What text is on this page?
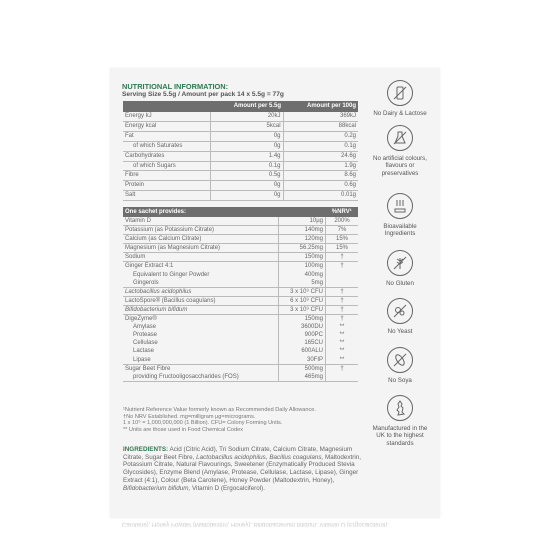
NUTRITIONAL INFORMATION:
Serving Size 5.5g / Amount per pack 14 x 5.5g = 77g
	Amount per 5.5g	Amount per 100g
Energy kJ	20kJ	369kJ
Energy kcal	5kcal	88kcal
Fat	0g	0.2g
of which Saturates	0g	0.1g
Carbohydrates	1.4g	24.6g
of which Sugars	0.1g	1.9g
Fibre	0.5g	8.6g
Protein	0g	0.6g
Salt	0g	0.01g
One sachet provides:		%NRV¹
Vitamin D	10µg	200%
Potassium (as Potassium Citrate)	140mg	7%
Calcium (as Calcium Citrate)	120mg	15%
Magnesium (as Magnesium Citrate)	56.25mg	15%
Sodium	150mg	†
Ginger Extract 4:1	100mg	†
Equivalent to Ginger Powder	400mg	
Gingerols	5mg	
Lactobacillus acidophilus	3 x 10⁹ CFU	†
LactoSpore® (Bacillus coagulans)	6 x 10⁹ CFU	†
Bifidobacterium bifidum	3 x 10⁹ CFU	†
DigeZyme®	150mg	†
Amylase	3600DU	**
Protease	900PC	**
Cellulase	165CU	**
Lactase	600ALU	**
Lipase	30FIP	**
Sugar Beet Fibre	500mg	†
providing Fructooligosaccharides (FOS)	465mg	
¹Nutrient Reference Value formerly known as Recommended Daily Allowance.
†No NRV Established. mg=milligram µg=micrograms.
1 x 10⁹ = 1,000,000,000 (1 Billion). CFU= Colony Forming Units.
** Units are those used in Food Chemical Codex
INGREDIENTS: Acid (Citric Acid), Tri Sodium Citrate, Calcium Citrate, Magnesium Citrate, Sugar Beet Fibre, Lactobacillus acidophilus, Bacillus coagulans, Maltodextrin, Potassium Citrate, Natural Flavourings, Sweetener (Enzymatically Produced Stevia Glycosides), Enzyme Blend (Amylase, Protease, Cellulase, Lactase, Lipase), Ginger Extract (4:1), Colour (Beta Carotene), Honey Powder (Maltodextrin, Honey), Bifidobacterium bifidum, Vitamin D (Ergocalciferol).
Carotene), Honey Powder (Maltodextrin, Honey), Bifidobacterium bifidum, Vitamin D (Ergocalciferol).
No Dairy & Lactose
No artificial colours, flavours or preservatives
Bioavailable Ingredients
No Gluten
No Yeast
No Soya
Manufactured in the UK to the highest standards
